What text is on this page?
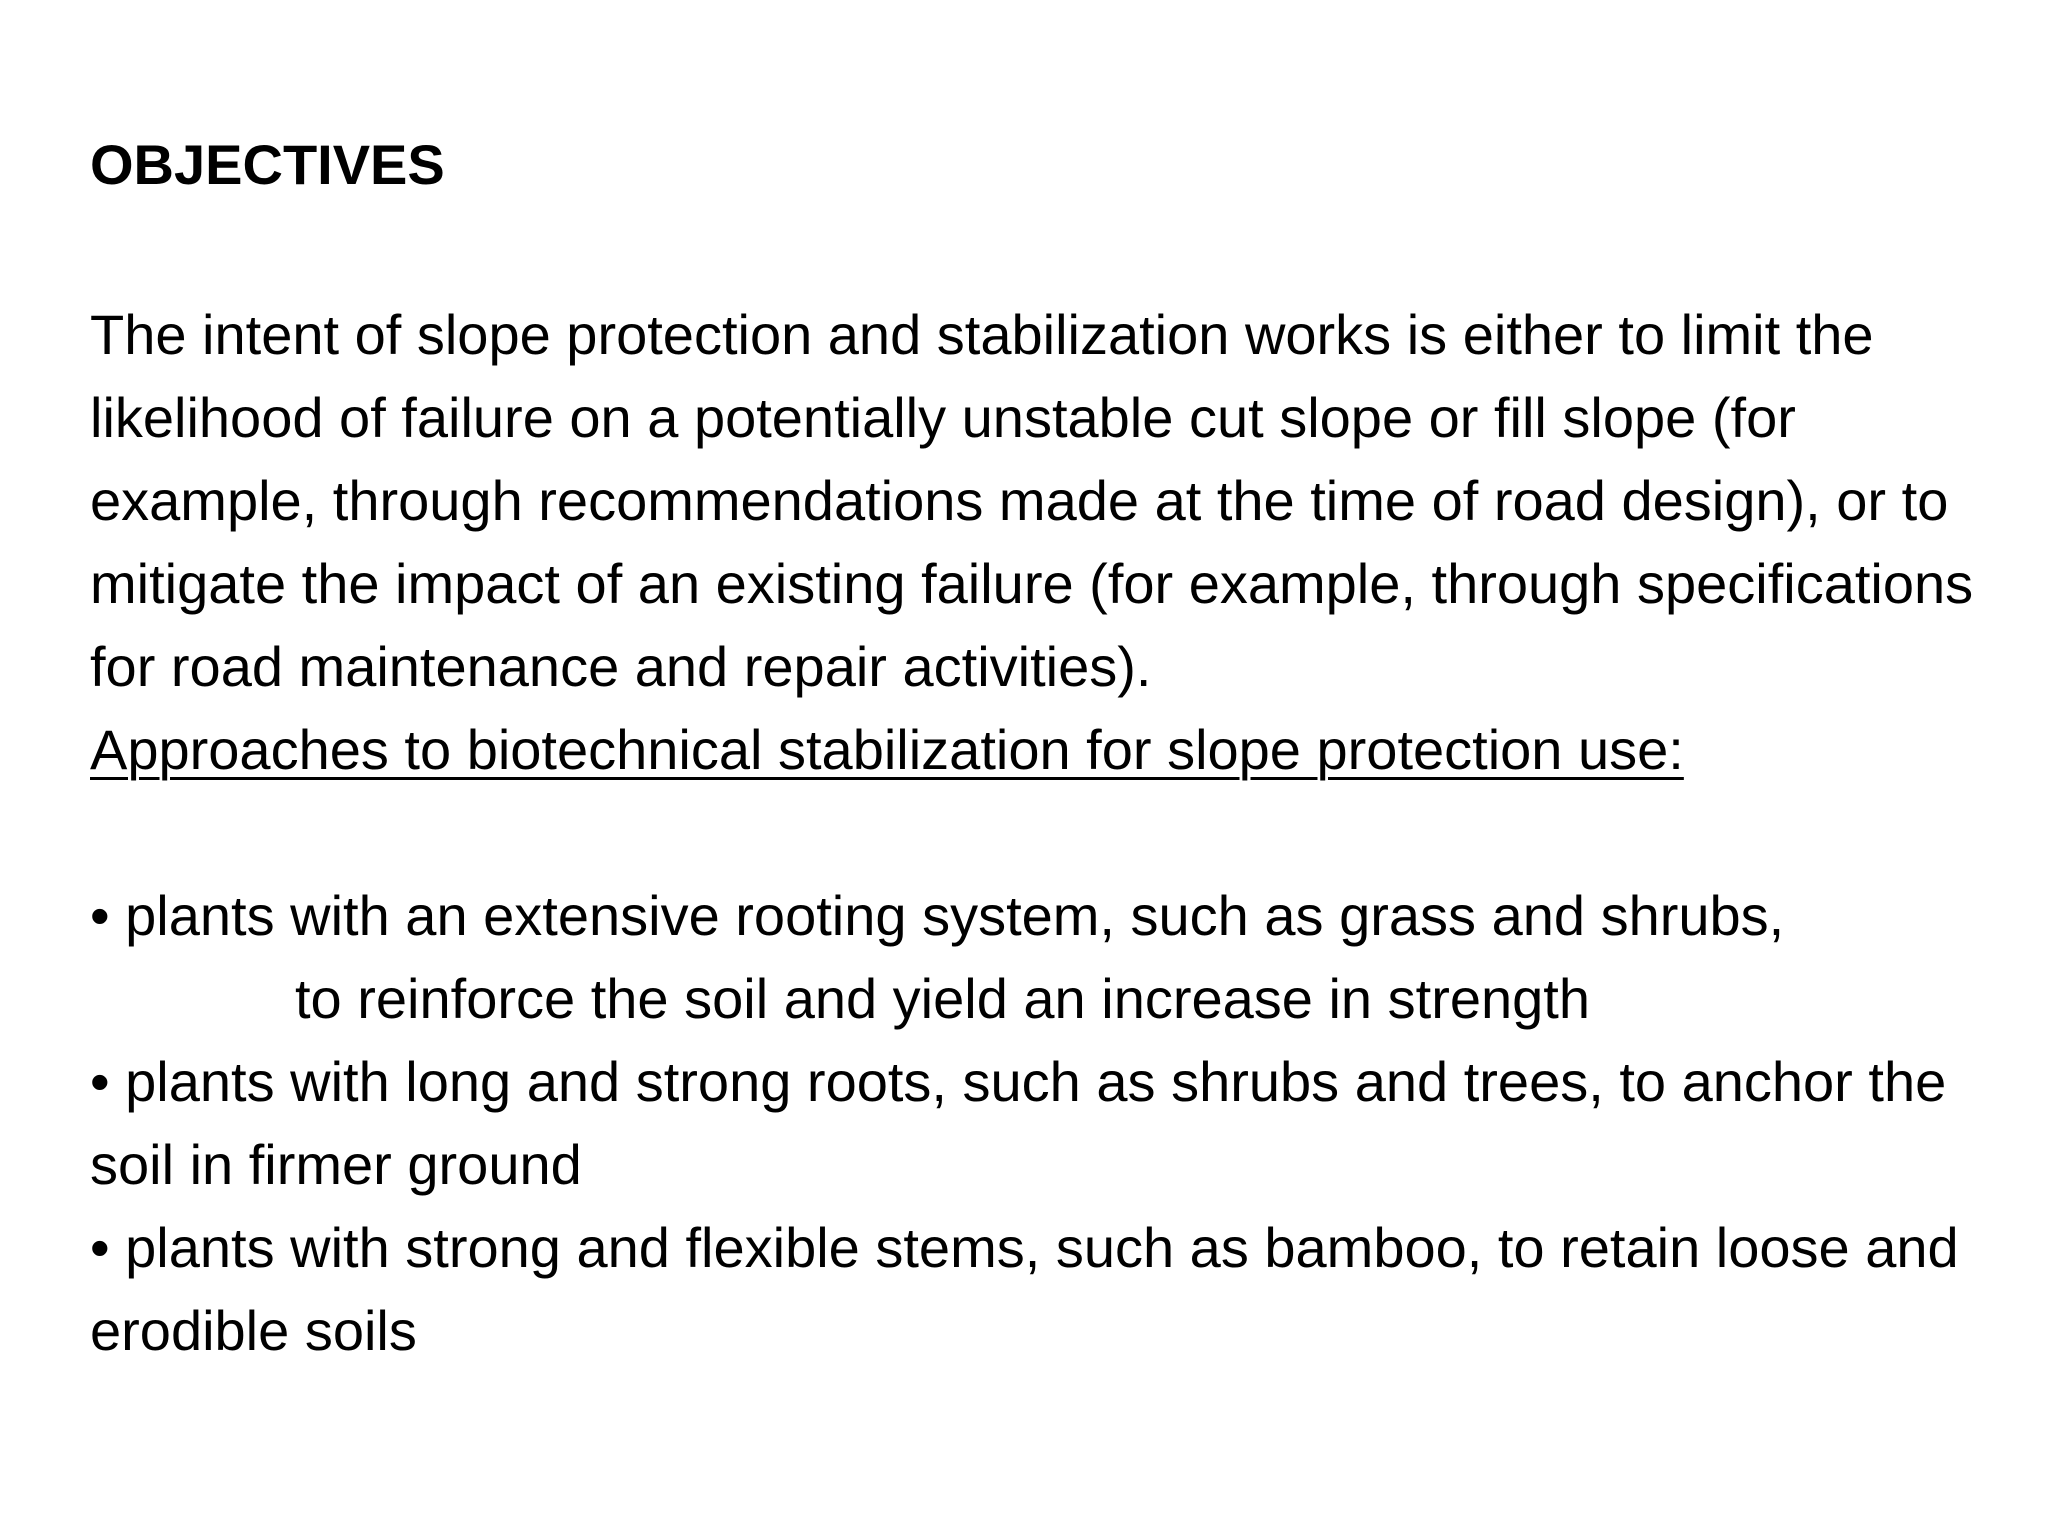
OBJECTIVES

The intent of slope protection and stabilization works is either to limit the likelihood of failure on a potentially unstable cut slope or fill slope (for example, through recommendations made at the time of road design), or to mitigate the impact of an existing failure (for example, through specifications for road maintenance and repair activities).

Approaches to biotechnical stabilization for slope protection use:

• plants with an extensive rooting system, such as grass and shrubs,
to reinforce the soil and yield an increase in strength

• plants with long and strong roots, such as shrubs and trees, to anchor the soil in firmer ground

• plants with strong and flexible stems, such as bamboo, to retain loose and erodible soils
